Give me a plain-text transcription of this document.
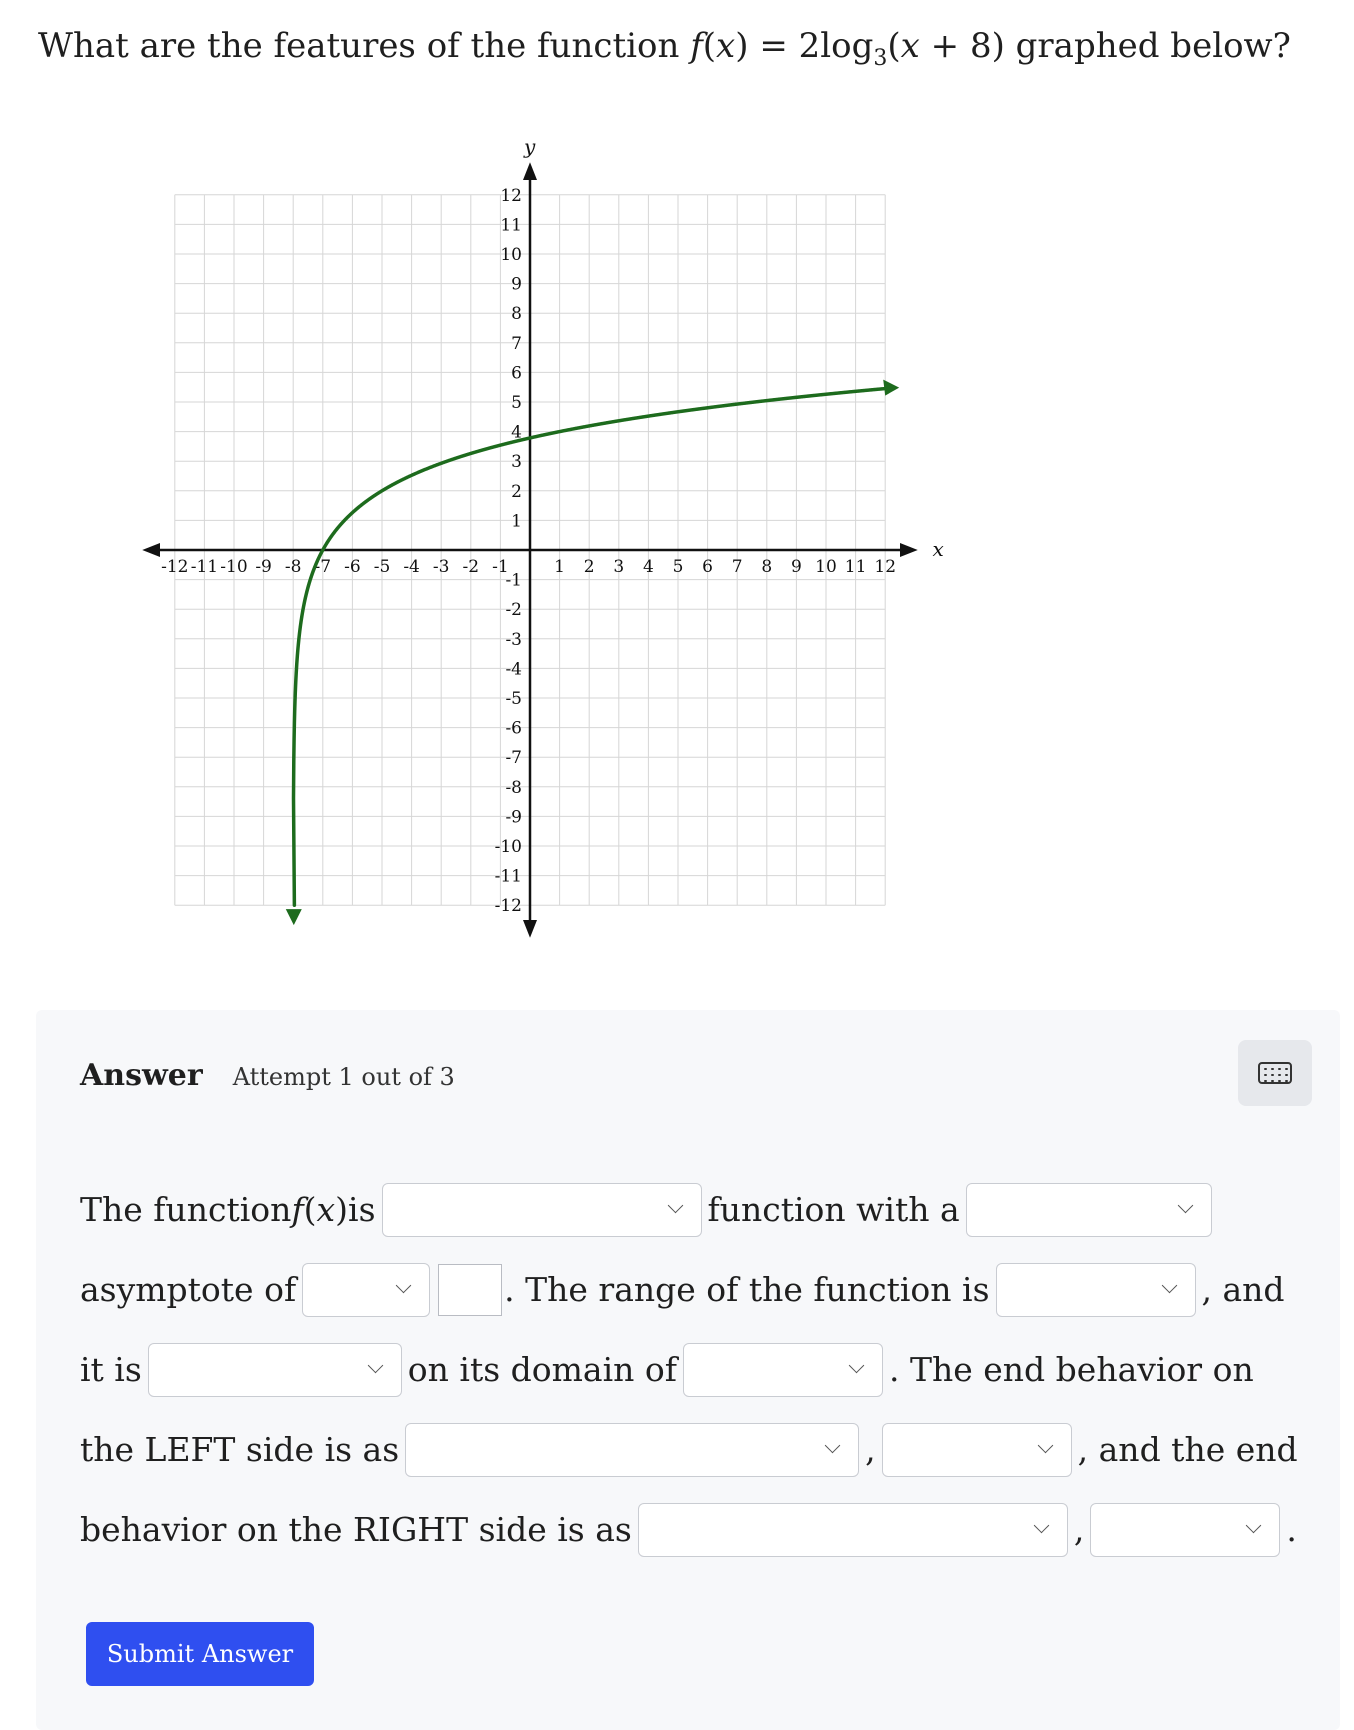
What are the features of the function $f(x) = 2\log_3(x + 8)$ graphed below?
x
y
-12 -11 -10 -9 -8 -7 -6 -5 -4 -3 -2 -1	1 2 3 4 5 6 7 8 9 10 11 12
12
11
10
9
8
7
6
5
4
3
2
1
-1
-2
-3
-4
-5
-6
-7
-8
-9
-10
-11
-12
Answer Attempt 1 out of 3
The function f(x) is	function with a
asymptote of	. The range of the function is	, and
it is	on its domain of	. The end behavior on
the LEFT side is as	,	, and the end
behavior on the RIGHT side is as	,	.
Submit Answer
